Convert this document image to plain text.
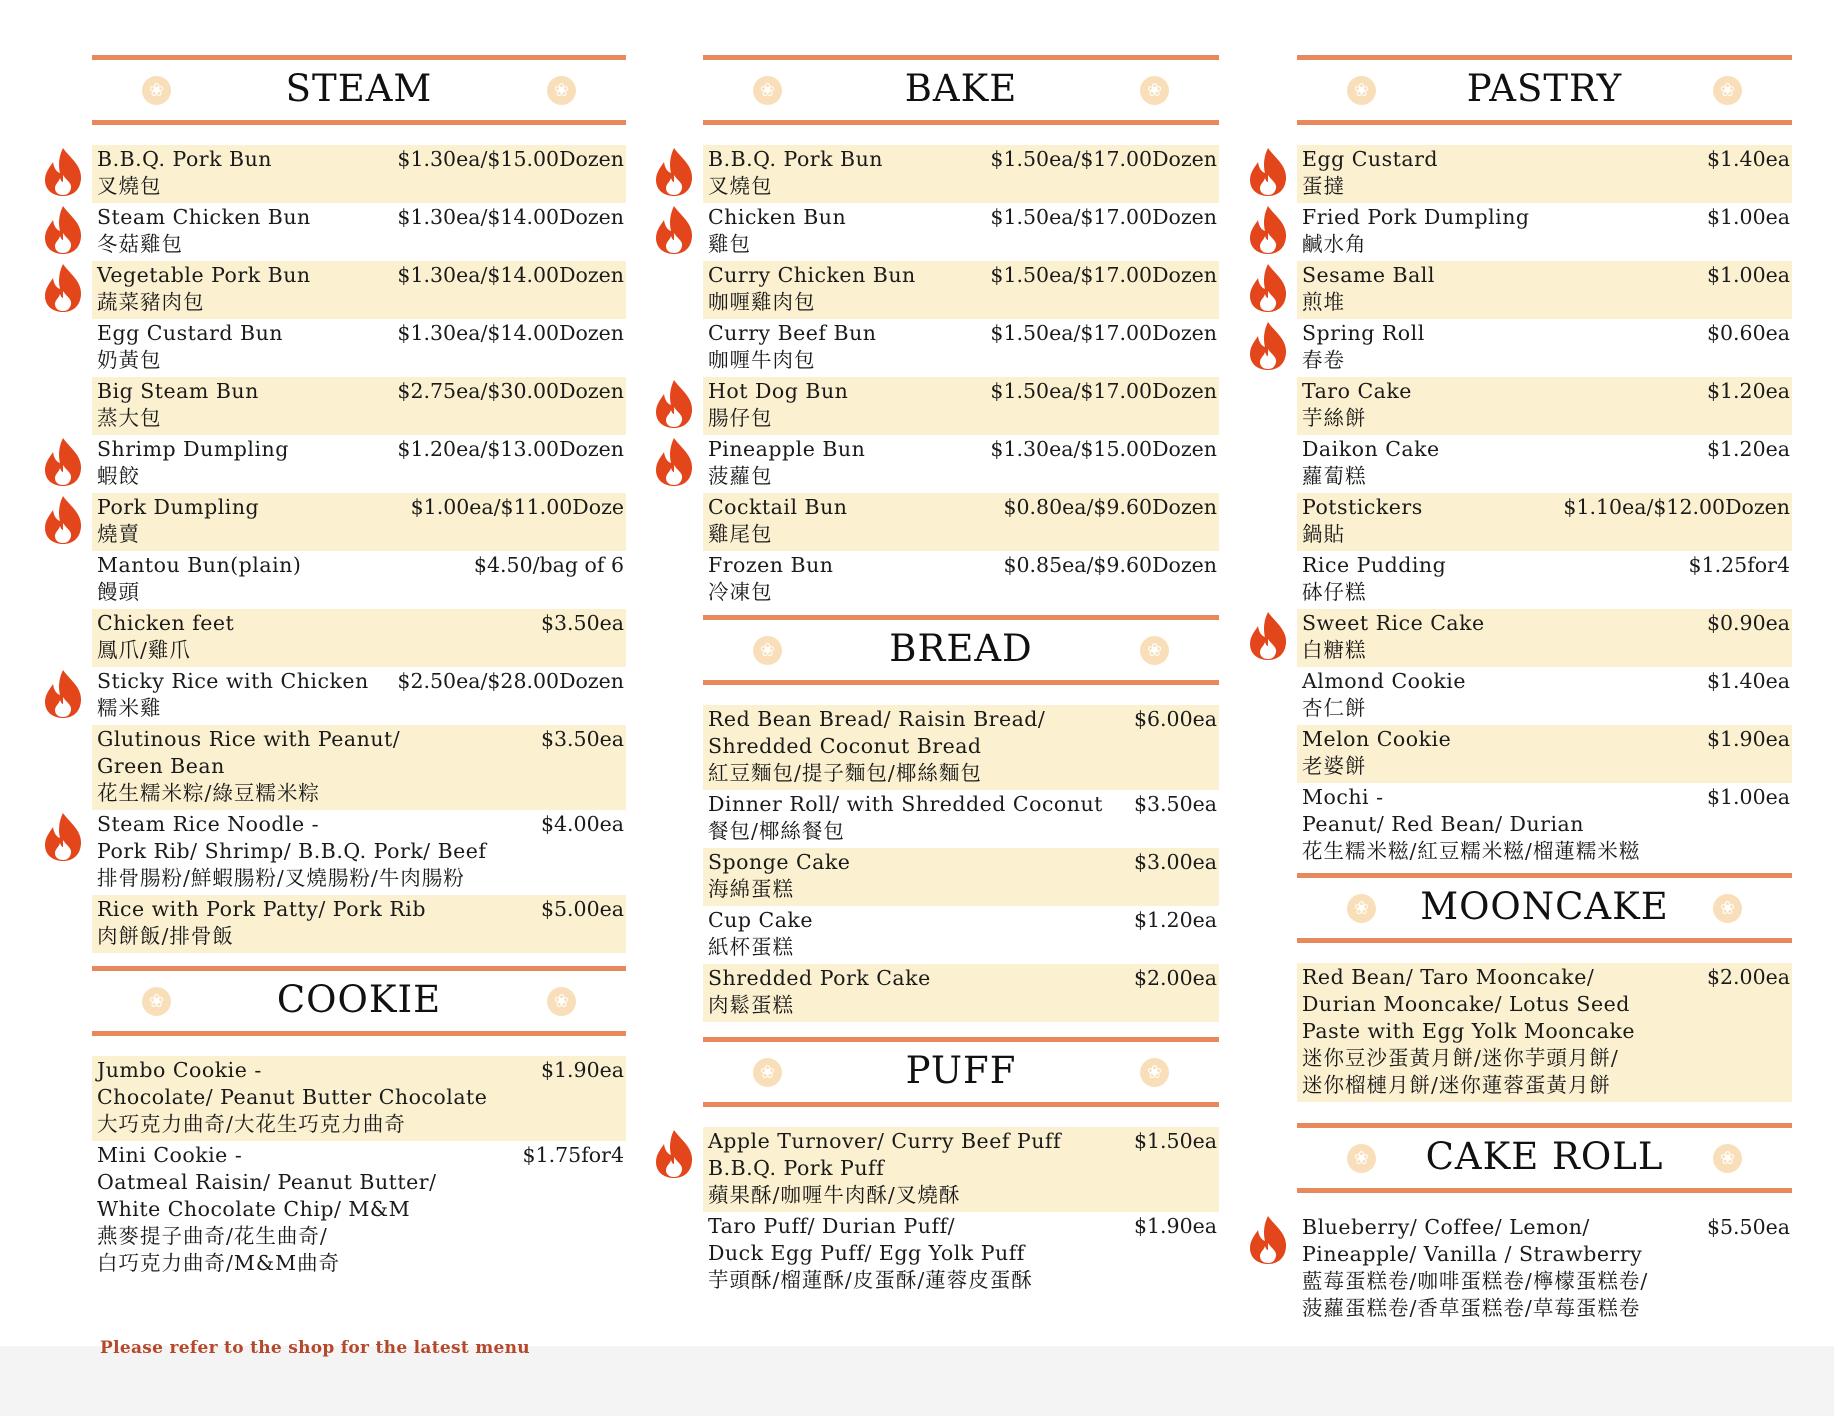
❀	STEAM	❀
B.B.Q. Pork Bun
叉燒包
$1.30ea/$15.00Dozen
Steam Chicken Bun
冬菇雞包
$1.30ea/$14.00Dozen
Vegetable Pork Bun
蔬菜豬肉包
$1.30ea/$14.00Dozen
Egg Custard Bun
奶黃包
$1.30ea/$14.00Dozen
Big Steam Bun
蒸大包
$2.75ea/$30.00Dozen
Shrimp Dumpling
蝦餃
$1.20ea/$13.00Dozen
Pork Dumpling
燒賣
$1.00ea/$11.00Doze
Mantou Bun(plain)
饅頭
$4.50/bag of 6
Chicken feet
鳳爪/雞爪
$3.50ea
Sticky Rice with Chicken
糯米雞
$2.50ea/$28.00Dozen
Glutinous Rice with Peanut/
Green Bean
花生糯米粽/綠豆糯米粽
$3.50ea
Steam Rice Noodle -
Pork Rib/ Shrimp/ B.B.Q. Pork/ Beef
排骨腸粉/鮮蝦腸粉/叉燒腸粉/牛肉腸粉
$4.00ea
Rice with Pork Patty/ Pork Rib
肉餅飯/排骨飯
$5.00ea
❀	COOKIE	❀
Jumbo Cookie -
Chocolate/ Peanut Butter Chocolate
大巧克力曲奇/大花生巧克力曲奇
$1.90ea
Mini Cookie -
Oatmeal Raisin/ Peanut Butter/
White Chocolate Chip/ M&M
燕麥提子曲奇/花生曲奇/
白巧克力曲奇/M&M曲奇
$1.75for4
❀	BAKE	❀
B.B.Q. Pork Bun
叉燒包
$1.50ea/$17.00Dozen
Chicken Bun
雞包
$1.50ea/$17.00Dozen
Curry Chicken Bun
咖喱雞肉包
$1.50ea/$17.00Dozen
Curry Beef Bun
咖喱牛肉包
$1.50ea/$17.00Dozen
Hot Dog Bun
腸仔包
$1.50ea/$17.00Dozen
Pineapple Bun
菠蘿包
$1.30ea/$15.00Dozen
Cocktail Bun
雞尾包
$0.80ea/$9.60Dozen
Frozen Bun
冷凍包
$0.85ea/$9.60Dozen
❀	BREAD	❀
Red Bean Bread/ Raisin Bread/
Shredded Coconut Bread
紅豆麵包/提子麵包/椰絲麵包
$6.00ea
Dinner Roll/ with Shredded Coconut
餐包/椰絲餐包
$3.50ea
Sponge Cake
海綿蛋糕
$3.00ea
Cup Cake
紙杯蛋糕
$1.20ea
Shredded Pork Cake
肉鬆蛋糕
$2.00ea
❀	PUFF	❀
Apple Turnover/ Curry Beef Puff
B.B.Q. Pork Puff
蘋果酥/咖喱牛肉酥/叉燒酥
$1.50ea
Taro Puff/ Durian Puff/
Duck Egg Puff/ Egg Yolk Puff
芋頭酥/榴蓮酥/皮蛋酥/蓮蓉皮蛋酥
$1.90ea
❀	PASTRY	❀
Egg Custard
蛋撻
$1.40ea
Fried Pork Dumpling
鹹水角
$1.00ea
Sesame Ball
煎堆
$1.00ea
Spring Roll
春卷
$0.60ea
Taro Cake
芋絲餅
$1.20ea
Daikon Cake
蘿蔔糕
$1.20ea
Potstickers
鍋貼
$1.10ea/$12.00Dozen
Rice Pudding
砵仔糕
$1.25for4
Sweet Rice Cake
白糖糕
$0.90ea
Almond Cookie
杏仁餅
$1.40ea
Melon Cookie
老婆餅
$1.90ea
Mochi -
Peanut/ Red Bean/ Durian
花生糯米糍/紅豆糯米糍/榴蓮糯米糍
$1.00ea
❀	MOONCAKE	❀
Red Bean/ Taro Mooncake/
Durian Mooncake/ Lotus Seed
Paste with Egg Yolk Mooncake
迷你豆沙蛋黃月餅/迷你芋頭月餅/
迷你榴槤月餅/迷你蓮蓉蛋黃月餅
$2.00ea
❀	CAKE ROLL	❀
Blueberry/ Coffee/ Lemon/
Pineapple/ Vanilla / Strawberry
藍莓蛋糕卷/咖啡蛋糕卷/檸檬蛋糕卷/
菠蘿蛋糕卷/香草蛋糕卷/草莓蛋糕卷
$5.50ea
Please refer to the shop for the latest menu
